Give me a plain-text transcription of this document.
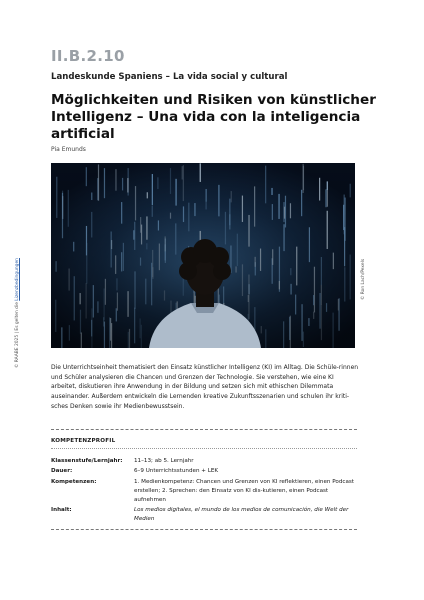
II.B.2.10
Landeskunde Spaniens – La vida social y cultural
Möglichkeiten und Risiken von künstlicher
Intelligenz – Una vida con la inteligencia artificial
Pia Emunds
© Ron Lach/Pexels
© RAABE 2025 | Es gelten die Lizenzbedingungen
Die Unterrichtseinheit thematisiert den Einsatz künstlicher Intelligenz (KI) im Alltag. Die Schüle-rinnen und Schüler analysieren die Chancen und Grenzen der Technologie. Sie verstehen, wie eine KI arbeitet, diskutieren ihre Anwendung in der Bildung und setzen sich mit ethischen Dilemmata auseinander. Außerdem entwickeln die Lernenden kreative Zukunftsszenarien und schulen ihr kriti-sches Denken sowie ihr Medienbewusstsein.
KOMPETENZPROFIL
Klassenstufe/Lernjahr:	11–13; ab 5. Lernjahr
Dauer:	6–9 Unterrichtsstunden + LEK
Kompetenzen:	1. Medienkompetenz: Chancen und Grenzen von KI reflektieren, einen Podcast erstellen; 2. Sprechen: den Einsatz von KI dis-kutieren, einen Podcast aufnehmen
Inhalt:	Los medios digitales, el mundo de los medios de comunicación, die Welt der Medien
